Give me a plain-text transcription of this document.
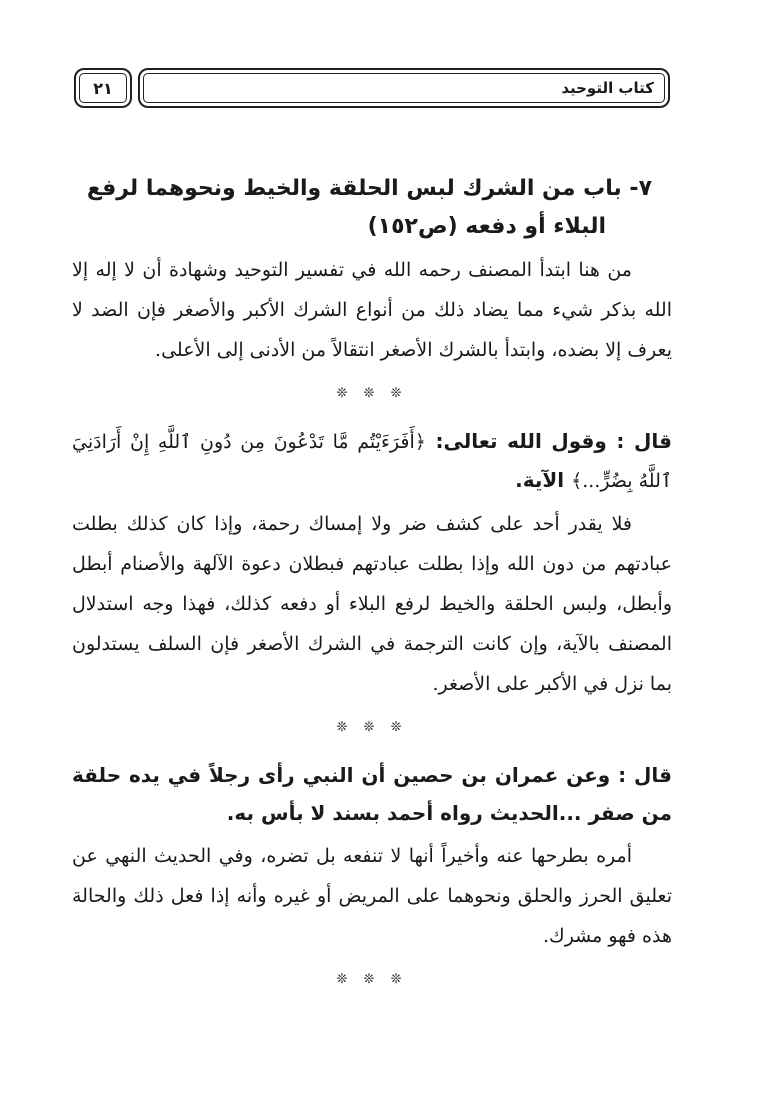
كتاب التوحيد
٢١
٧- باب من الشرك لبس الحلقة والخيط ونحوهما لرفع
البلاء أو دفعه (ص١٥٢)

من هنا ابتدأ المصنف رحمه الله في تفسير التوحيد وشهادة أن لا إله إلا الله بذكر شيء مما يضاد ذلك من أنواع الشرك الأكبر والأصغر فإن الضد لا يعرف إلا بضده، وابتدأ بالشرك الأصغر انتقالاً من الأدنى إلى الأعلى.

❊ ❊ ❊

قال : وقول الله تعالى: ﴿أَفَرَءَيْتُم مَّا تَدْعُونَ مِن دُونِ ٱللَّهِ إِنْ أَرَادَنِيَ ٱللَّهُ بِضُرٍّ...﴾ الآية.

فلا يقدر أحد على كشف ضر ولا إمساك رحمة، وإذا كان كذلك بطلت عبادتهم من دون الله وإذا بطلت عبادتهم فبطلان دعوة الآلهة والأصنام أبطل وأبطل، ولبس الحلقة والخيط لرفع البلاء أو دفعه كذلك، فهذا وجه استدلال المصنف بالآية، وإن كانت الترجمة في الشرك الأصغر فإن السلف يستدلون بما نزل في الأكبر على الأصغر.

❊ ❊ ❊

قال : وعن عمران بن حصين أن النبي رأى رجلاً في يده حلقة من صفر ...الحديث رواه أحمد بسند لا بأس به.

أمره بطرحها عنه وأخيراً أنها لا تنفعه بل تضره، وفي الحديث النهي عن تعليق الحرز والحلق ونحوهما على المريض أو غيره وأنه إذا فعل ذلك والحالة هذه فهو مشرك.

❊ ❊ ❊
